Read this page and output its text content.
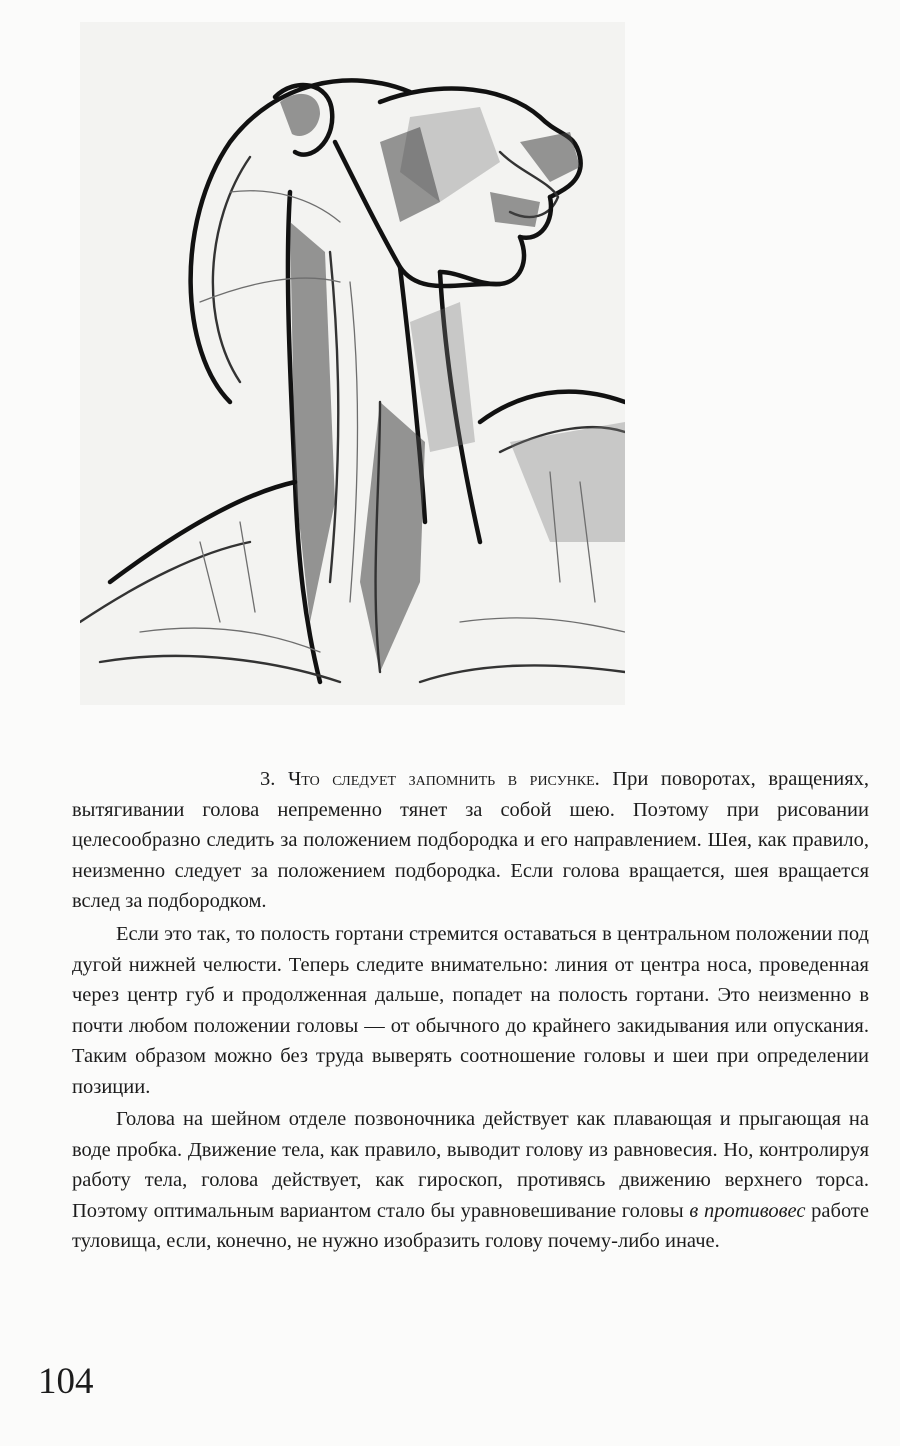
3. Что следует запомнить в рисунке. При поворотах, вращениях, вытягивании голова непременно тянет за собой шею. Поэтому при рисовании целесообразно следить за положением подбородка и его направлением. Шея, как правило, неизменно следует за положением подбородка. Если голова вращается, шея вращается вслед за подбородком.

Если это так, то полость гортани стремится оставаться в центральном положении под дугой нижней челюсти. Теперь следите внимательно: линия от центра носа, проведенная через центр губ и продолженная дальше, попадет на полость гортани. Это неизменно в почти любом положении головы — от обычного до крайнего закидывания или опускания. Таким образом можно без труда выверять соотношение головы и шеи при определении позиции.

Голова на шейном отделе позвоночника действует как плавающая и прыгающая на воде пробка. Движение тела, как правило, выводит голову из равновесия. Но, контролируя работу тела, голова действует, как гироскоп, противясь движению верхнего торса. Поэтому оптимальным вариантом стало бы уравновешивание головы в противовес работе туловища, если, конечно, не нужно изобразить голову почему-либо иначе.

104
